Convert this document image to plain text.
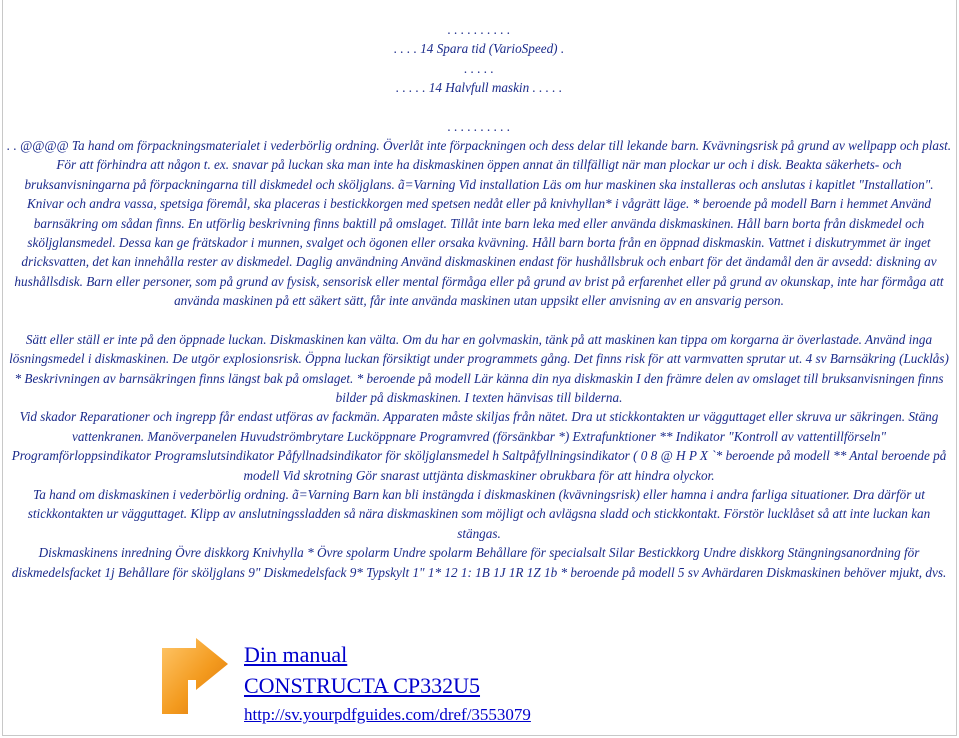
. . . . . . . . . .

. . . . 14 Spara tid (VarioSpeed) .

. . . . .

. . . . . 14 Halvfull maskin . . . . .

. . . . . . . . . .

. . @@@@ Ta hand om förpackningsmaterialet i vederbörlig ordning. Överlåt inte förpackningen och dess delar till lekande barn. Kvävningsrisk på grund av wellpapp och plast.

För att förhindra att någon t. ex. snavar på luckan ska man inte ha diskmaskinen öppen annat än tillfälligt när man plockar ur och i disk. Beakta säkerhets- och bruksanvisningarna på förpackningarna till diskmedel och sköljglans. ã=Varning Vid installation Läs om hur maskinen ska installeras och anslutas i kapitlet "Installation".

Knivar och andra vassa, spetsiga föremål, ska placeras i bestickkorgen med spetsen nedåt eller på knivhyllan* i vågrätt läge. * beroende på modell Barn i hemmet Använd barnsäkring om sådan finns. En utförlig beskrivning finns baktill på omslaget. Tillåt inte barn leka med eller använda diskmaskinen. Håll barn borta från diskmedel och sköljglansmedel. Dessa kan ge frätskador i munnen, svalget och ögonen eller orsaka kvävning. Håll barn borta från en öppnad diskmaskin. Vattnet i diskutrymmet är inget dricksvatten, det kan innehålla rester av diskmedel. Daglig användning Använd diskmaskinen endast för hushållsbruk och enbart för det ändamål den är avsedd: diskning av hushållsdisk. Barn eller personer, som på grund av fysisk, sensorisk eller mental förmåga eller på grund av brist på erfarenhet eller på grund av okunskap, inte har förmåga att använda maskinen på ett säkert sätt, får inte använda maskinen utan uppsikt eller anvisning av en ansvarig person.

Sätt eller ställ er inte på den öppnade luckan. Diskmaskinen kan välta. Om du har en golvmaskin, tänk på att maskinen kan tippa om korgarna är överlastade. Använd inga lösningsmedel i diskmaskinen. De utgör explosionsrisk. Öppna luckan försiktigt under programmets gång. Det finns risk för att varmvatten sprutar ut. 4 sv Barnsäkring (Lucklås) * Beskrivningen av barnsäkringen finns längst bak på omslaget. * beroende på modell Lär känna din nya diskmaskin I den främre delen av omslaget till bruksanvisningen finns bilder på diskmaskinen. I texten hänvisas till bilderna.

Vid skador Reparationer och ingrepp får endast utföras av fackmän. Apparaten måste skiljas från nätet. Dra ut stickkontakten ur vägguttaget eller skruva ur säkringen. Stäng vattenkranen. Manöverpanelen Huvudströmbrytare Lucköppnare Programvred (försänkbar *) Extrafunktioner ** Indikator "Kontroll av vattentillförseln" Programförloppsindikator Programslutsindikator Påfyllnadsindikator för sköljglansmedel h Saltpåfyllningsindikator ( 0 8 @ H P X `* beroende på modell ** Antal beroende på modell Vid skrotning Gör snarast uttjänta diskmaskiner obrukbara för att hindra olyckor.

Ta hand om diskmaskinen i vederbörlig ordning. ã=Varning Barn kan bli instängda i diskmaskinen (kvävningsrisk) eller hamna i andra farliga situationer. Dra därför ut stickkontakten ur vägguttaget. Klipp av anslutningssladden så nära diskmaskinen som möjligt och avlägsna sladd och stickkontakt. Förstör lucklåset så att inte luckan kan stängas.

Diskmaskinens inredning Övre diskkorg Knivhylla * Övre spolarm Undre spolarm Behållare för specialsalt Silar Bestickkorg Undre diskkorg Stängningsanordning för diskmedelsfacket 1j Behållare för sköljglans 9" Diskmedelsfack 9* Typskylt 1" 1* 12 1: 1B 1J 1R 1Z 1b * beroende på modell 5 sv Avhärdaren Diskmaskinen behöver mjukt, dvs.

Din manual
CONSTRUCTA CP332U5
http://sv.yourpdfguides.com/dref/3553079
